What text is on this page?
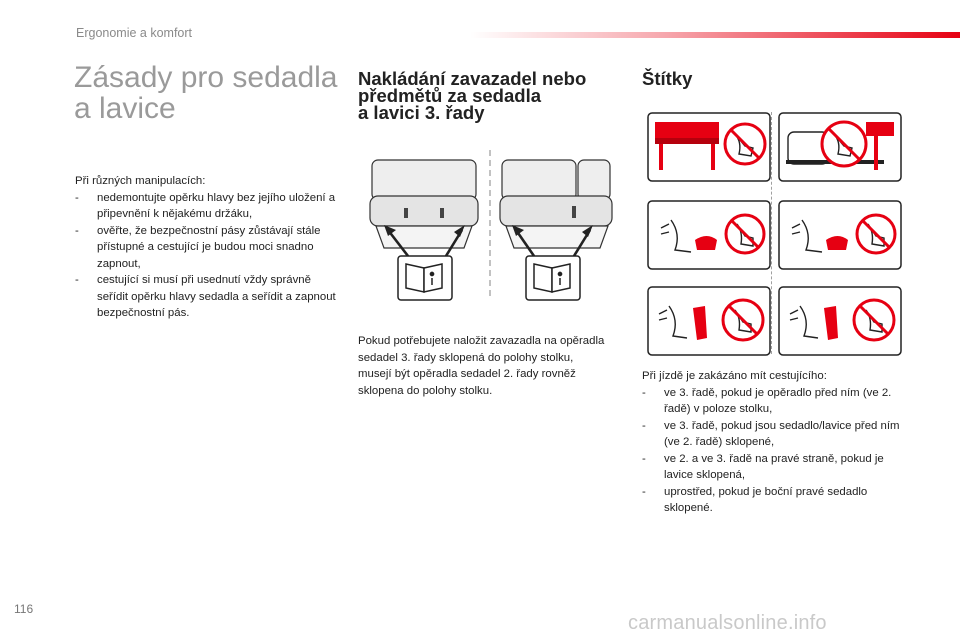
Ergonomie a komfort
Zásady pro sedadla
a lavice
Při různých manipulacích:
- nedemontujte opěrku hlavy bez jejího uložení a připevnění k nějakému držáku,
- ověřte, že bezpečnostní pásy zůstávají stále přístupné a cestující je budou moci snadno zapnout,
- cestující si musí při usednutí vždy správně seřídit opěrku hlavy sedadla a seřídit a zapnout bezpečnostní pás.
Nakládání zavazadel nebo
předmětů za sedadla
a lavici 3. řady
Pokud potřebujete naložit zavazadla na opěradla sedadel 3. řady sklopená do polohy stolku, musejí být opěradla sedadel 2. řady rovněž sklopena do polohy stolku.
Štítky
Při jízdě je zakázáno mít cestujícího:
- ve 3. řadě, pokud je opěradlo před ním (ve 2. řadě) v poloze stolku,
- ve 3. řadě, pokud jsou sedadlo/lavice před ním (ve 2. řadě) sklopené,
- ve 2. a ve 3. řadě na pravé straně, pokud je lavice sklopená,
- uprostřed, pokud je boční pravé sedadlo sklopené.
116
carmanualsonline.info
